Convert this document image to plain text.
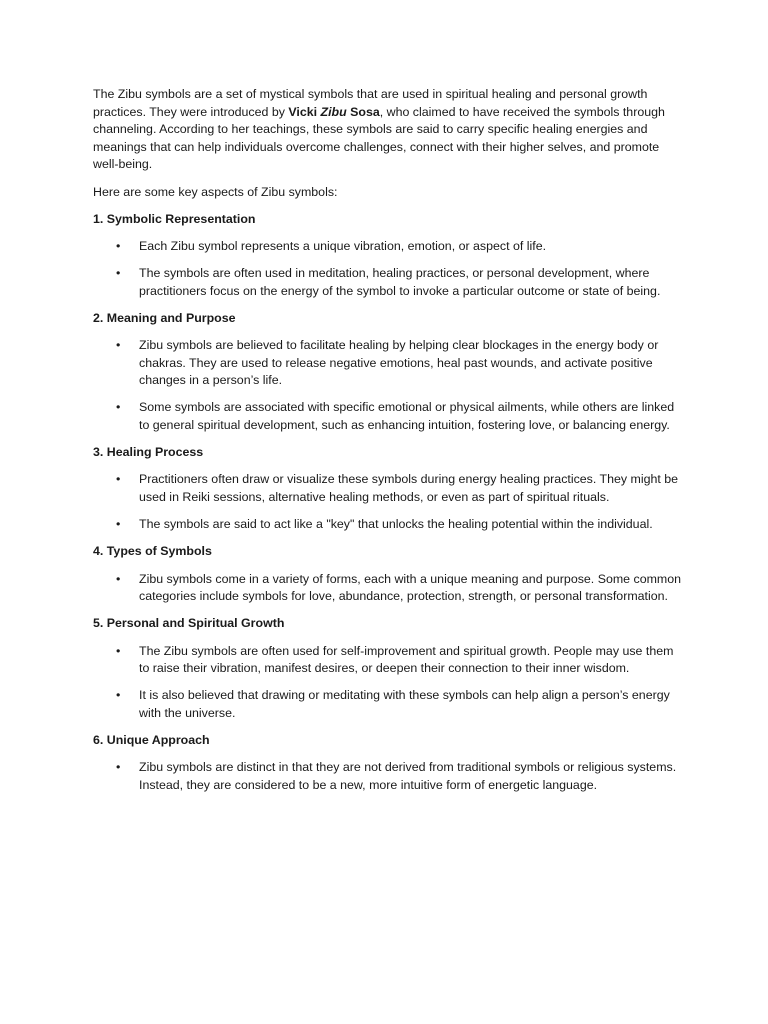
The Zibu symbols are a set of mystical symbols that are used in spiritual healing and personal growth practices. They were introduced by Vicki Zibu Sosa, who claimed to have received the symbols through channeling. According to her teachings, these symbols are said to carry specific healing energies and meanings that can help individuals overcome challenges, connect with their higher selves, and promote well-being.

Here are some key aspects of Zibu symbols:

1. Symbolic Representation

• Each Zibu symbol represents a unique vibration, emotion, or aspect of life.
• The symbols are often used in meditation, healing practices, or personal development, where practitioners focus on the energy of the symbol to invoke a particular outcome or state of being.

2. Meaning and Purpose

• Zibu symbols are believed to facilitate healing by helping clear blockages in the energy body or chakras. They are used to release negative emotions, heal past wounds, and activate positive changes in a person’s life.
• Some symbols are associated with specific emotional or physical ailments, while others are linked to general spiritual development, such as enhancing intuition, fostering love, or balancing energy.

3. Healing Process

• Practitioners often draw or visualize these symbols during energy healing practices. They might be used in Reiki sessions, alternative healing methods, or even as part of spiritual rituals.
• The symbols are said to act like a "key" that unlocks the healing potential within the individual.

4. Types of Symbols

• Zibu symbols come in a variety of forms, each with a unique meaning and purpose. Some common categories include symbols for love, abundance, protection, strength, or personal transformation.

5. Personal and Spiritual Growth

• The Zibu symbols are often used for self-improvement and spiritual growth. People may use them to raise their vibration, manifest desires, or deepen their connection to their inner wisdom.
• It is also believed that drawing or meditating with these symbols can help align a person’s energy with the universe.

6. Unique Approach

• Zibu symbols are distinct in that they are not derived from traditional symbols or religious systems. Instead, they are considered to be a new, more intuitive form of energetic language.
